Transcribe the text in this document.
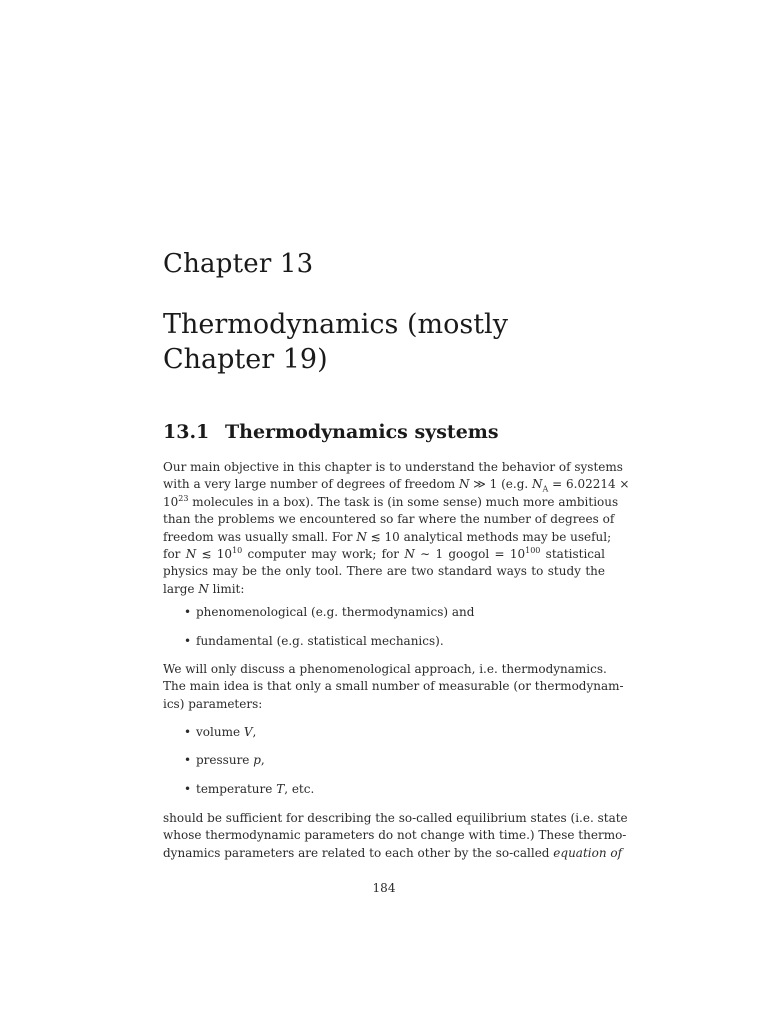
Chapter 13
Thermodynamics (mostly
Chapter 19)
13.1 Thermodynamics systems
Our main objective in this chapter is to understand the behavior of systems
with a very large number of degrees of freedom N ≫ 1 (e.g. $N_A = 6.02214$ ×
$10^{23}$ molecules in a box). The task is (in some sense) much more ambitious
than the problems we encountered so far where the number of degrees of
freedom was usually small. For N ≲ 10 analytical methods may be useful;
for N ≲ $10^{10}$ computer may work; for N ∼ 1 googol = $10^{100}$ statistical
physics may be the only tool. There are two standard ways to study the
large N limit:
• phenomenological (e.g. thermodynamics) and
• fundamental (e.g. statistical mechanics).
We will only discuss a phenomenological approach, i.e. thermodynamics.
The main idea is that only a small number of measurable (or thermodynam-
ics) parameters:
• volume V,
• pressure p,
• temperature T, etc.
should be sufficient for describing the so-called equilibrium states (i.e. state
whose thermodynamic parameters do not change with time.) These thermo-
dynamics parameters are related to each other by the so-called equation of
184
